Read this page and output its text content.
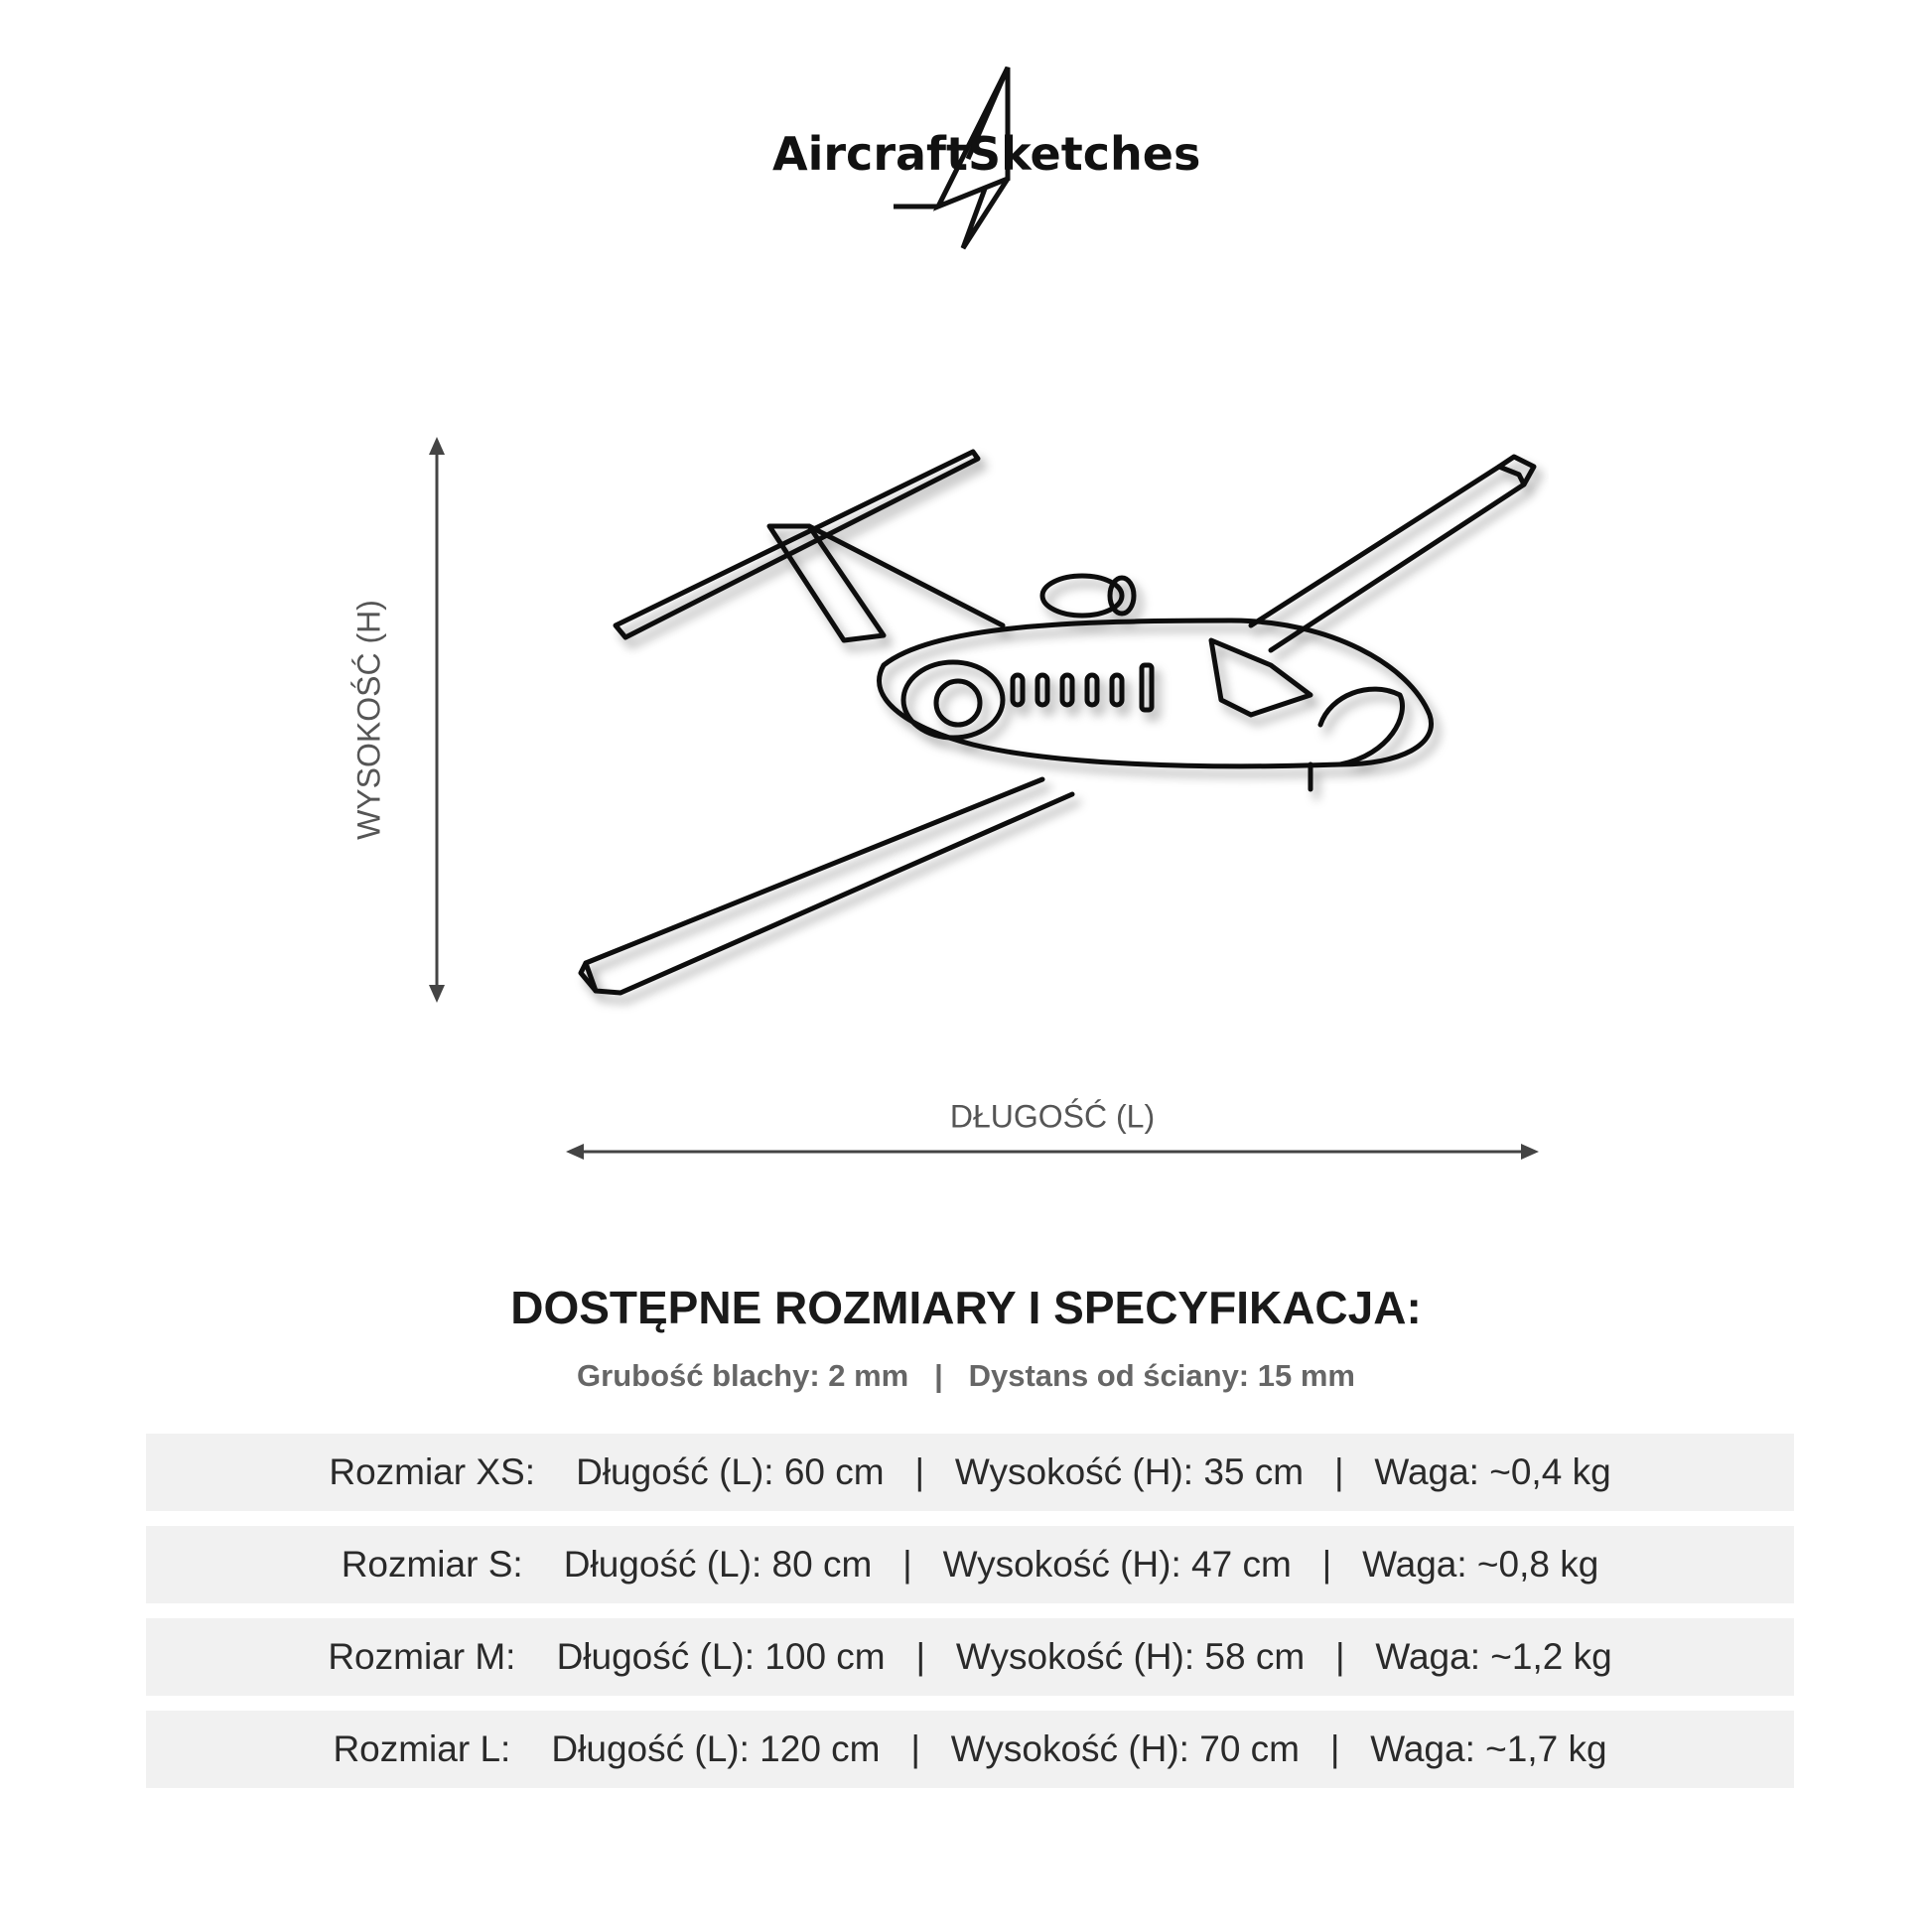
AircraftSketches
WYSOKOŚĆ (H)
DŁUGOŚĆ (L)
DOSTĘPNE ROZMIARY I SPECYFIKACJA:
Grubość blachy: 2 mm   |   Dystans od ściany: 15 mm
Rozmiar XS:    Długość (L): 60 cm   |   Wysokość (H): 35 cm   |   Waga: ~0,4 kg
Rozmiar S:    Długość (L): 80 cm   |   Wysokość (H): 47 cm   |   Waga: ~0,8 kg
Rozmiar M:    Długość (L): 100 cm   |   Wysokość (H): 58 cm   |   Waga: ~1,2 kg
Rozmiar L:    Długość (L): 120 cm   |   Wysokość (H): 70 cm   |   Waga: ~1,7 kg
